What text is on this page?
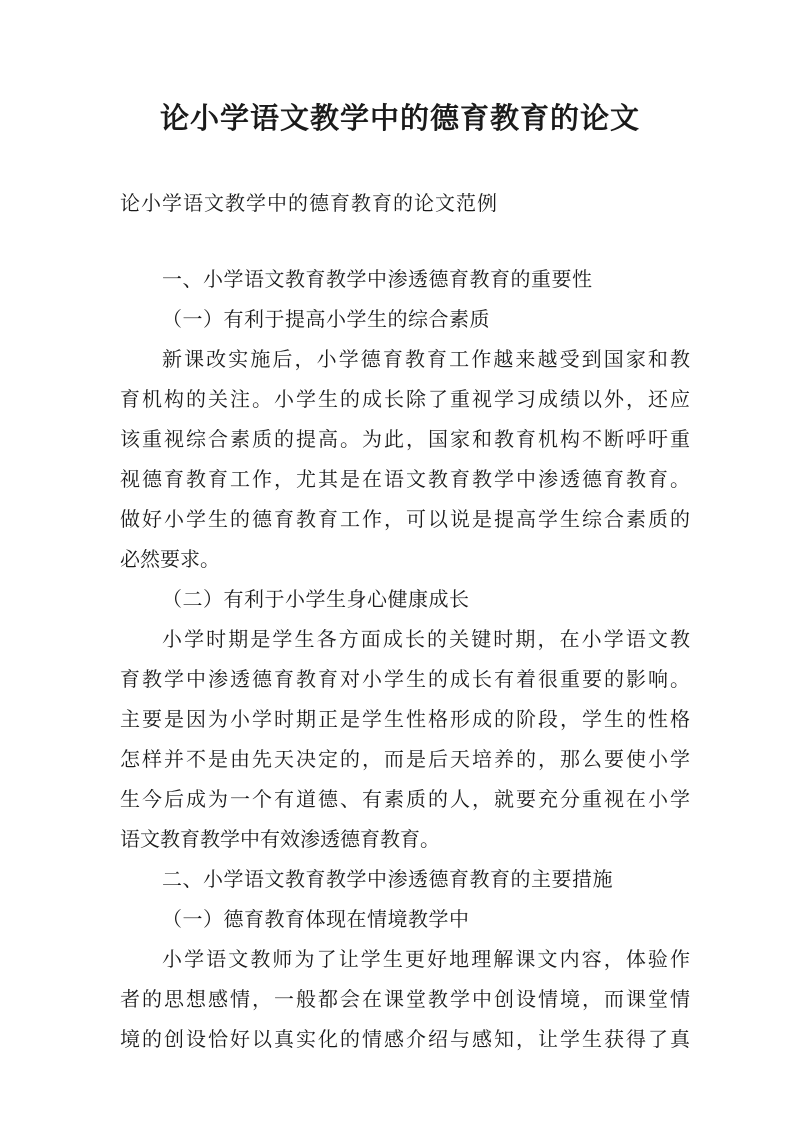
论小学语文教学中的德育教育的论文
论小学语文教学中的德育教育的论文范例
一、小学语文教育教学中渗透德育教育的重要性
（一）有利于提高小学生的综合素质

新课改实施后，小学德育教育工作越来越受到国家和教
育机构的关注。小学生的成长除了重视学习成绩以外，还应
该重视综合素质的提高。为此，国家和教育机构不断呼吁重
视德育教育工作，尤其是在语文教育教学中渗透德育教育。
做好小学生的德育教育工作，可以说是提高学生综合素质的
必然要求。

（二）有利于小学生身心健康成长

小学时期是学生各方面成长的关键时期，在小学语文教
育教学中渗透德育教育对小学生的成长有着很重要的影响。
主要是因为小学时期正是学生性格形成的阶段，学生的性格
怎样并不是由先天决定的，而是后天培养的，那么要使小学
生今后成为一个有道德、有素质的人，就要充分重视在小学
语文教育教学中有效渗透德育教育。

二、小学语文教育教学中渗透德育教育的主要措施
（一）德育教育体现在情境教学中

小学语文教师为了让学生更好地理解课文内容，体验作
者的思想感情，一般都会在课堂教学中创设情境，而课堂情
境的创设恰好以真实化的情感介绍与感知，让学生获得了真
